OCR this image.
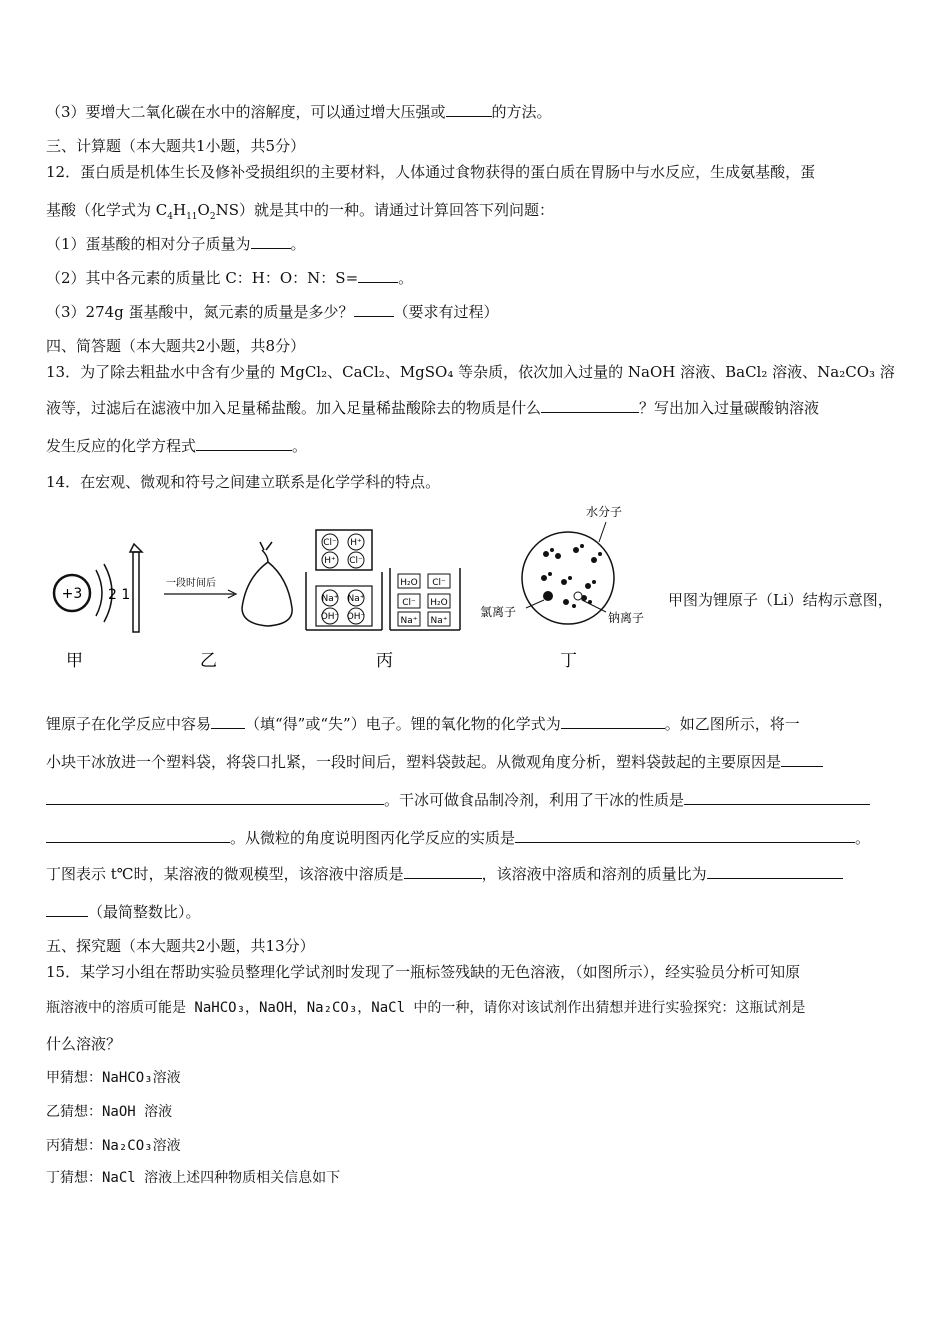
（3）要增大二氧化碳在水中的溶解度，可以通过增大压强或	的方法。
三、计算题（本大题共1小题，共5分）
12．蛋白质是机体生长及修补受损组织的主要材料，人体通过食物获得的蛋白质在胃肠中与水反应，生成氨基酸，蛋
基酸（化学式为 $C_4H_{11}O_2NS$）就是其中的一种。请通过计算回答下列问题：
（1）蛋基酸的相对分子质量为	。
（2）其中各元素的质量比 C：H：O：N：S=	。
（3）274g 蛋基酸中，氮元素的质量是多少？	（要求有过程）
四、简答题（本大题共2小题，共8分）
13．为了除去粗盐水中含有少量的 MgCl₂、CaCl₂、MgSO₄ 等杂质，依次加入过量的 NaOH 溶液、BaCl₂ 溶液、Na₂CO₃ 溶
液等，过滤后在滤液中加入足量稀盐酸。加入足量稀盐酸除去的物质是什么	？写出加入过量碳酸钠溶液
发生反应的化学方程式	。
14．在宏观、微观和符号之间建立联系是化学学科的特点。
+3 2 1
一段时间后
Cl⁻ H⁺
H⁺ Cl⁻
Na⁺ Na⁺
OH⁻ OH⁻
H₂O Cl⁻
Cl⁻ H₂O
Na⁺ Na⁺
水分子
氯离子	钠离子
甲	乙	丙	丁
甲图为锂原子（Li）结构示意图，
锂原子在化学反应中容易 （填“得”或“失”）电子。锂的氧化物的化学式为	。如乙图所示，将一
小块干冰放进一个塑料袋，将袋口扎紧，一段时间后，塑料袋鼓起。从微观角度分析，塑料袋鼓起的主要原因是
。干冰可做食品制冷剂，利用了干冰的性质是
。从微粒的角度说明图丙化学反应的实质是	。
丁图表示 t℃时，某溶液的微观模型，该溶液中溶质是	，该溶液中溶质和溶剂的质量比为
（最简整数比）。
五、探究题（本大题共2小题，共13分）
15．某学习小组在帮助实验员整理化学试剂时发现了一瓶标签残缺的无色溶液，（如图所示），经实验员分析可知原
瓶溶液中的溶质可能是 NaHCO₃，NaOH，Na₂CO₃，NaCl 中的一种，请你对该试剂作出猜想并进行实验探究：这瓶试剂是
什么溶液？
甲猜想：NaHCO₃溶液
乙猜想：NaOH 溶液
丙猜想：Na₂CO₃溶液
丁猜想：NaCl 溶液上述四种物质相关信息如下
